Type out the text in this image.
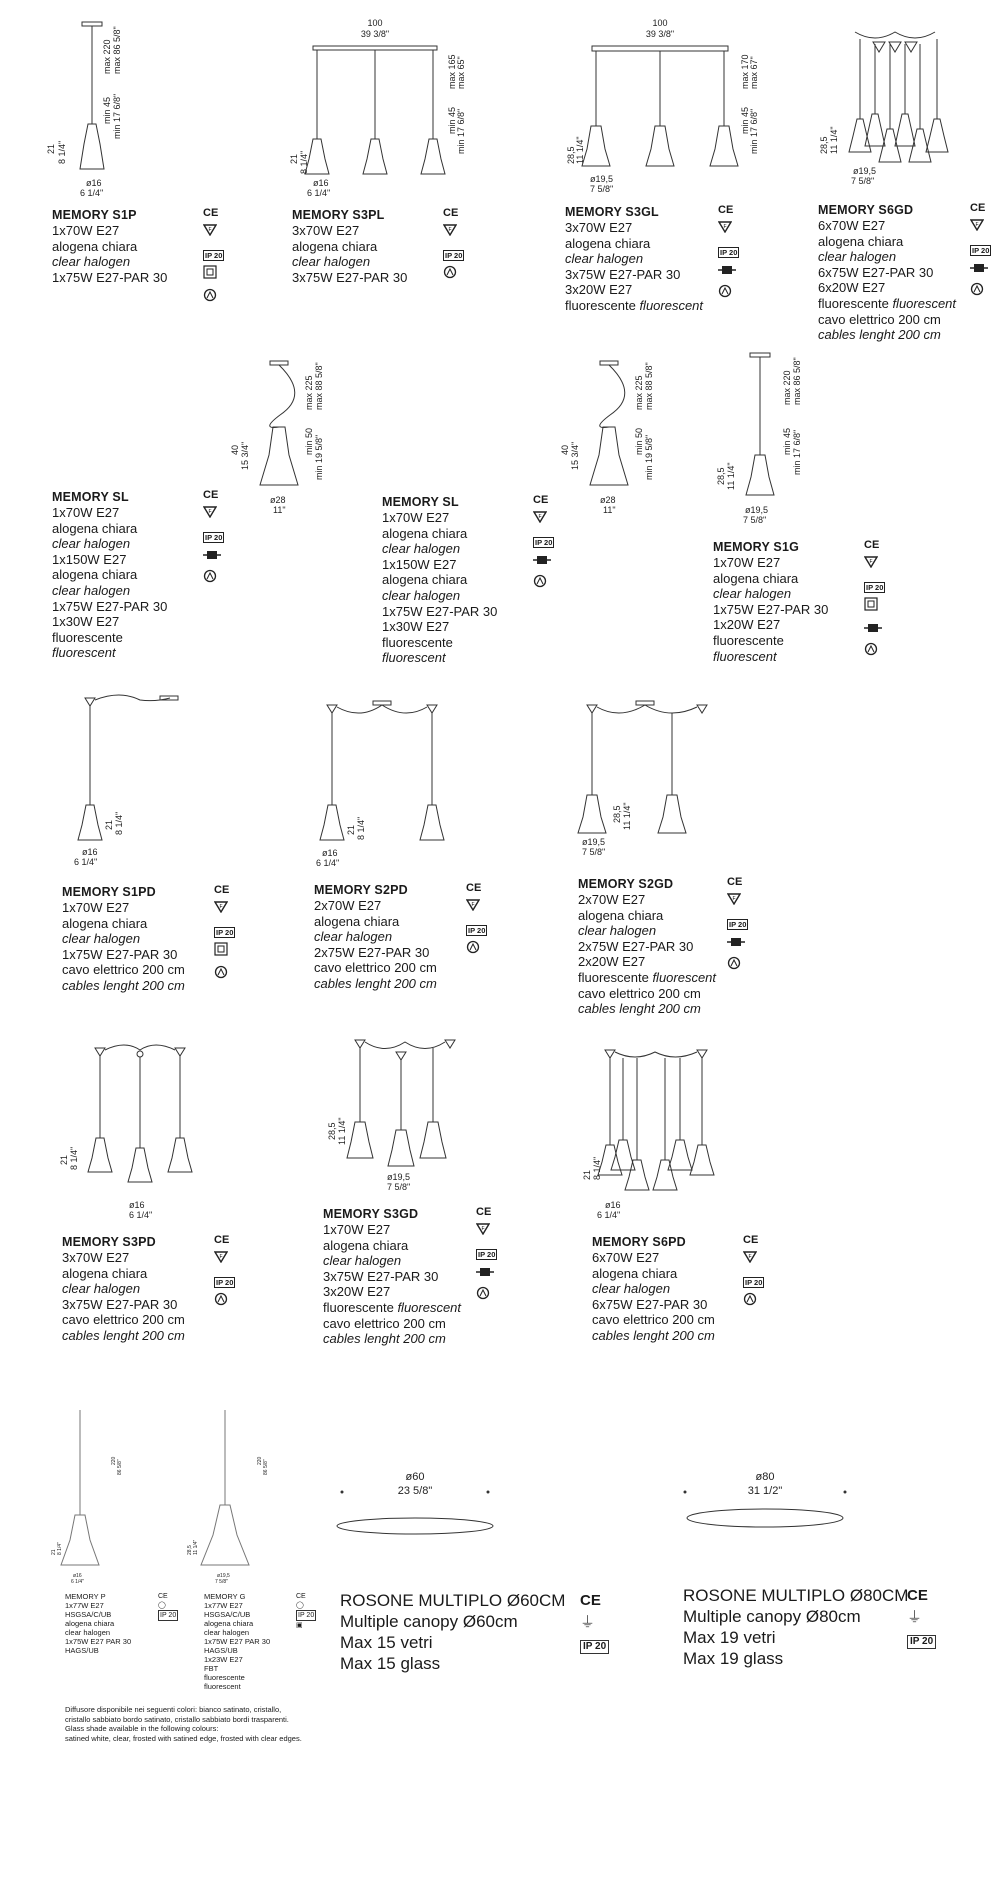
21 8 1/4"
min 45 min 17 6/8"
max 220 max 86 5/8"
ø16
6 1/4"
100
39 3/8"
21 8 1/4"
min 45 min 17 6/8"
max 165 max 65"
ø16
6 1/4"
100
39 3/8"
28,5 11 1/4"
min 45 min 17 6/8"
max 170 max 67"
ø19,5
7 5/8"
28,5 11 1/4"
ø19,5
7 5/8"
40 15 3/4"
min 50 min 19 5/8"
max 225 max 88 5/8"
ø28
11"
40 15 3/4"
min 50 min 19 5/8"
max 225 max 88 5/8"
ø28
11"
28,5 11 1/4"
min 45 min 17 6/8"
max 220 max 86 5/8"
ø19,5
7 5/8"
21 8 1/4"
ø16
6 1/4"
21 8 1/4"
ø16
6 1/4"
28,5 11 1/4"
ø19,5
7 5/8"
21 8 1/4"
ø16
6 1/4"
28,5 11 1/4"
ø19,5
7 5/8"
21 8 1/4"
ø16
6 1/4"
21 8 1/4"
220 86 5/8"
ø16
6 1/4"
28,5 11 1/4"
220 86 5/8"
ø19,5
7 5/8"
ø60
23 5/8"
ø80
31 1/2"
MEMORY S1P
1x70W E27
alogena chiara
clear halogen
1x75W E27-PAR 30
CE
F
IP 20
MEMORY S3PL
3x70W E27
alogena chiara
clear halogen
3x75W E27-PAR 30
CE
F
IP 20
MEMORY S3GL
3x70W E27
alogena chiara
clear halogen
3x75W E27-PAR 30
3x20W E27
fluorescente fluorescent
CE
F
IP 20
MEMORY S6GD
6x70W E27
alogena chiara
clear halogen
6x75W E27-PAR 30
6x20W E27
fluorescente fluorescent
cavo elettrico 200 cm
cables lenght 200 cm
CE
F
IP 20
MEMORY SL
1x70W E27
alogena chiara
clear halogen
1x150W E27
alogena chiara
clear halogen
1x75W E27-PAR 30
1x30W E27
fluorescente
fluorescent
CE
F
IP 20
MEMORY SL
1x70W E27
alogena chiara
clear halogen
1x150W E27
alogena chiara
clear halogen
1x75W E27-PAR 30
1x30W E27
fluorescente
fluorescent
CE
F
IP 20	MEMORY S1G
1x70W E27
alogena chiara
clear halogen
1x75W E27-PAR 30
1x20W E27
fluorescente
fluorescent
CE
F
IP 20
MEMORY S1PD
1x70W E27
alogena chiara
clear halogen
1x75W E27-PAR 30
cavo elettrico 200 cm
cables lenght 200 cm
CE
F
IP 20
MEMORY S2PD
2x70W E27
alogena chiara
clear halogen
2x75W E27-PAR 30
cavo elettrico 200 cm
cables lenght 200 cm
CE
F
IP 20
MEMORY S2GD
2x70W E27
alogena chiara
clear halogen
2x75W E27-PAR 30
2x20W E27
fluorescente fluorescent
cavo elettrico 200 cm
cables lenght 200 cm
CE
F
IP 20
MEMORY S3PD
3x70W E27
alogena chiara
clear halogen
3x75W E27-PAR 30
cavo elettrico 200 cm
cables lenght 200 cm
CE
F
IP 20
MEMORY S3GD
1x70W E27
alogena chiara
clear halogen
3x75W E27-PAR 30
3x20W E27
fluorescente fluorescent
cavo elettrico 200 cm
cables lenght 200 cm
CE
F
IP 20
MEMORY S6PD
6x70W E27
alogena chiara
clear halogen
6x75W E27-PAR 30
cavo elettrico 200 cm
cables lenght 200 cm
CE
F
IP 20
MEMORY P
1x77W E27
HSGSA/C/UB
alogena chiara
clear halogen
1x75W E27 PAR 30
HAGS/UB
MEMORY G
1x77W E27
HSGSA/C/UB
alogena chiara
clear halogen
1x75W E27 PAR 30
HAGS/UB
1x23W E27
FBT
fluorescente
fluorescent
CE
◯
IP 20
CE
◯
IP 20
▣
Diffusore disponibile nei seguenti colori: bianco satinato, cristallo,
cristallo sabbiato bordo satinato, cristallo sabbiato bordi trasparenti.
Glass shade available in the following colours:
satined white, clear, frosted with satined edge, frosted with clear edges.
ROSONE MULTIPLO Ø60CM
Multiple canopy Ø60cm
Max 15 vetri
Max 15 glass
ROSONE MULTIPLO Ø80CM
Multiple canopy Ø80cm
Max 19 vetri
Max 19 glass
CE
⏚
IP 20
CE
⏚
IP 20
